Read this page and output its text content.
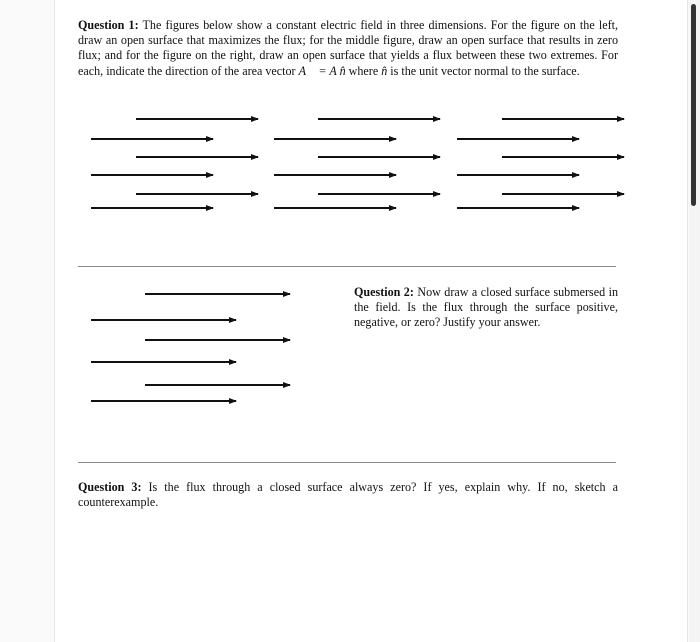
Question 1: The figures below show a constant electric field in three dimensions. For the figure on the left, draw an open surface that maximizes the flux; for the middle figure, draw an open surface that results in zero flux; and for the figure on the right, draw an open surface that yields a flux between these two extremes. For each, indicate the direction of the area vector A⃗ = A n̂ where n̂ is the unit vector normal to the surface.
Question 2: Now draw a closed surface submersed in the field. Is the flux through the surface positive, negative, or zero? Justify your answer.
Question 3: Is the flux through a closed surface always zero? If yes, explain why. If no, sketch a counterexample.
